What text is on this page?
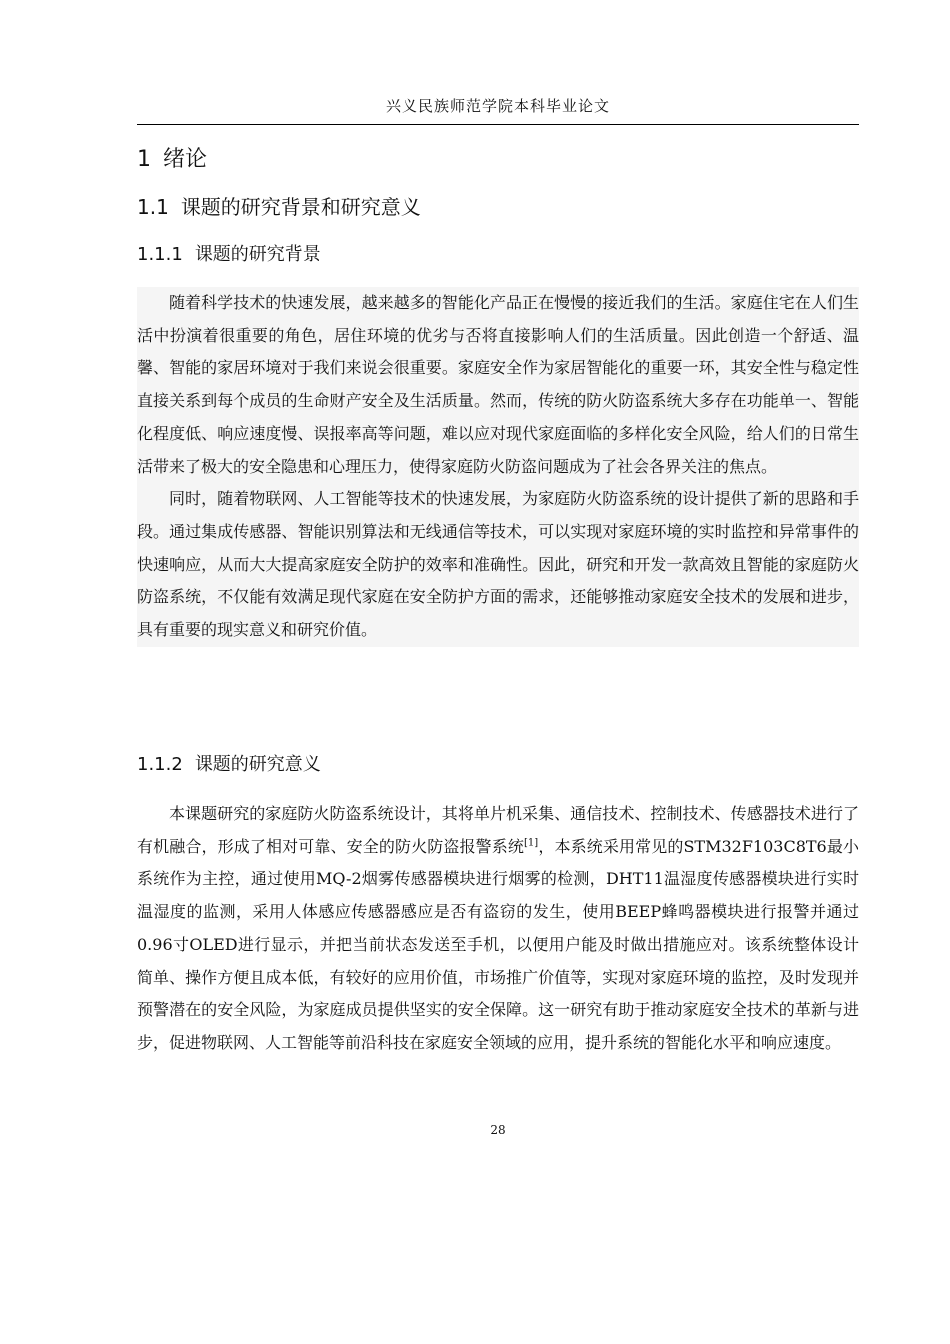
兴义民族师范学院本科毕业论文
1 绪论
1.1 课题的研究背景和研究意义
1.1.1 课题的研究背景

随着科学技术的快速发展，越来越多的智能化产品正在慢慢的接近我们的生活。家庭住宅在人们生活中扮演着很重要的角色，居住环境的优劣与否将直接影响人们的生活质量。因此创造一个舒适、温馨、智能的家居环境对于我们来说会很重要。家庭安全作为家居智能化的重要一环，其安全性与稳定性直接关系到每个成员的生命财产安全及生活质量。然而，传统的防火防盗系统大多存在功能单一、智能化程度低、响应速度慢、误报率高等问题，难以应对现代家庭面临的多样化安全风险，给人们的日常生活带来了极大的安全隐患和心理压力，使得家庭防火防盗问题成为了社会各界关注的焦点。

同时，随着物联网、人工智能等技术的快速发展，为家庭防火防盗系统的设计提供了新的思路和手段。通过集成传感器、智能识别算法和无线通信等技术，可以实现对家庭环境的实时监控和异常事件的快速响应，从而大大提高家庭安全防护的效率和准确性。因此，研究和开发一款高效且智能的家庭防火防盗系统，不仅能有效满足现代家庭在安全防护方面的需求，还能够推动家庭安全技术的发展和进步，具有重要的现实意义和研究价值。

1.1.2 课题的研究意义

本课题研究的家庭防火防盗系统设计，其将单片机采集、通信技术、控制技术、传感器技术进行了有机融合，形成了相对可靠、安全的防火防盗报警系统[1]，本系统采用常见的STM32F103C8T6最小系统作为主控，通过使用MQ-2烟雾传感器模块进行烟雾的检测，DHT11温湿度传感器模块进行实时温湿度的监测，采用人体感应传感器感应是否有盗窃的发生，使用BEEP蜂鸣器模块进行报警并通过0.96寸OLED进行显示，并把当前状态发送至手机，以便用户能及时做出措施应对。该系统整体设计简单、操作方便且成本低，有较好的应用价值，市场推广价值等，实现对家庭环境的监控，及时发现并预警潜在的安全风险，为家庭成员提供坚实的安全保障。这一研究有助于推动家庭安全技术的革新与进步，促进物联网、人工智能等前沿科技在家庭安全领域的应用，提升系统的智能化水平和响应速度。

28
